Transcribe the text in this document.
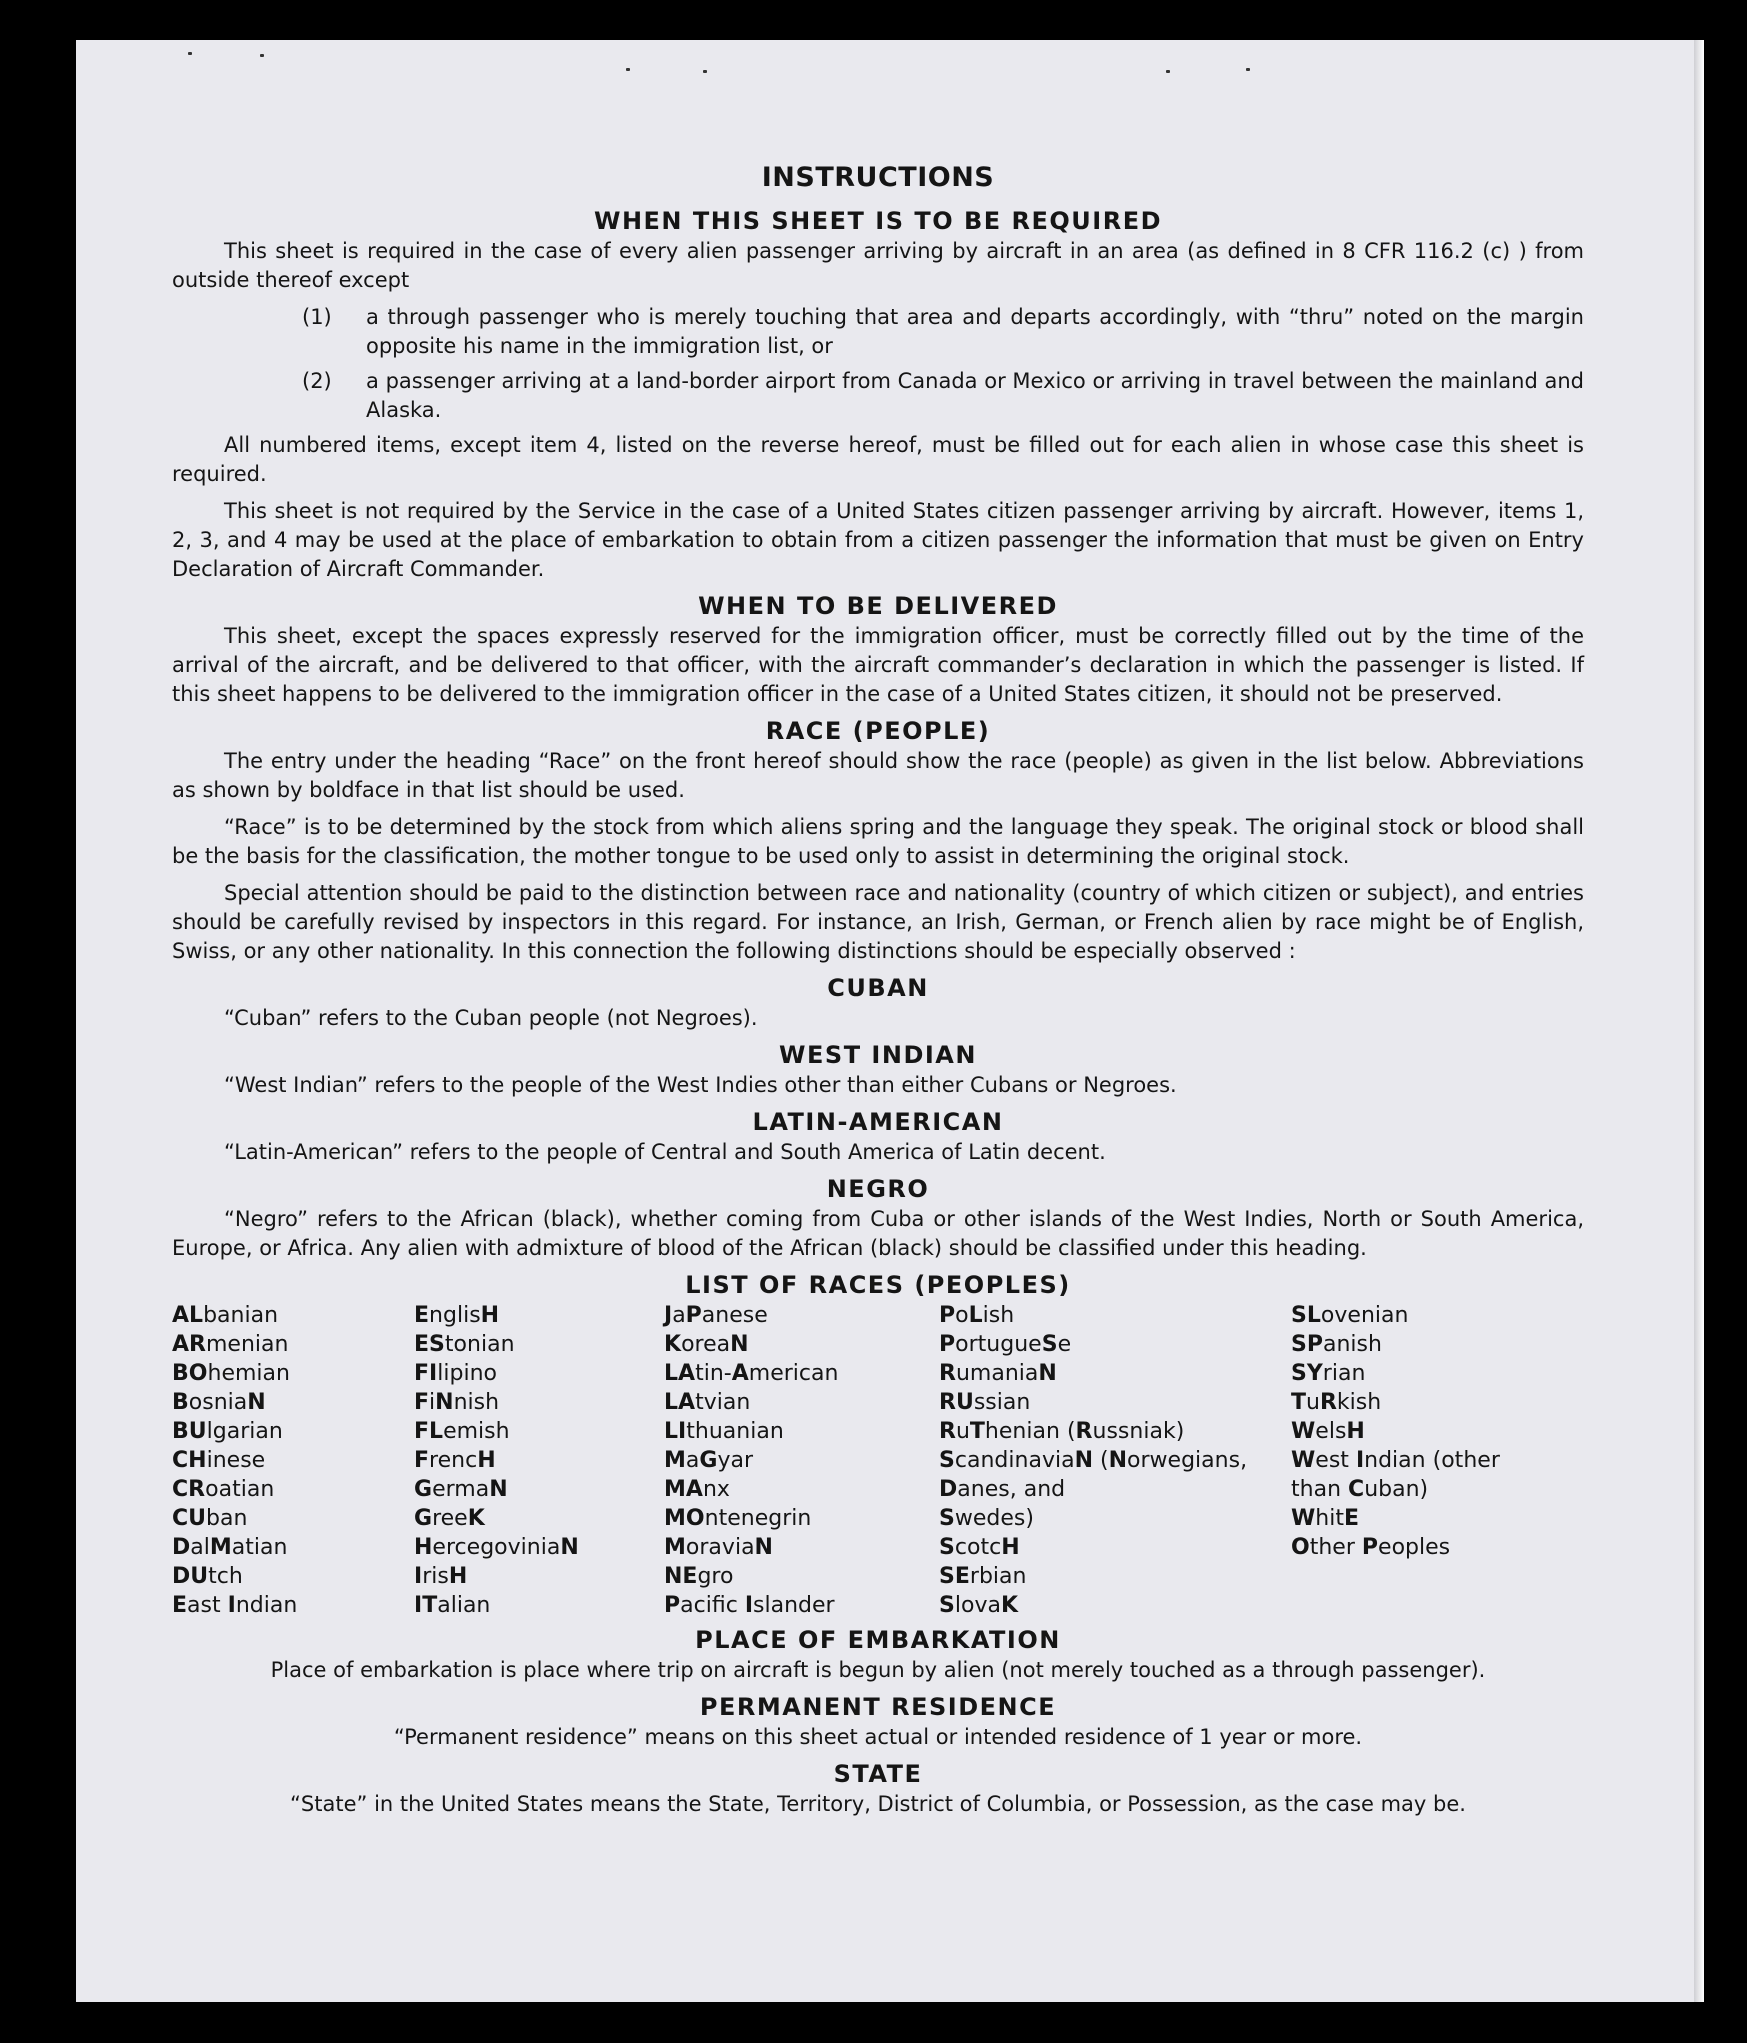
INSTRUCTIONS
WHEN THIS SHEET IS TO BE REQUIRED

This sheet is required in the case of every alien passenger arriving by aircraft in an area (as defined in 8 CFR 116.2 (c) ) from outside thereof except

(1)	a through passenger who is merely touching that area and departs accordingly, with “thru” noted on the margin opposite his name in the immigration list, or
(2)	a passenger arriving at a land-border airport from Canada or Mexico or arriving in travel between the mainland and Alaska.

All numbered items, except item 4, listed on the reverse hereof, must be filled out for each alien in whose case this sheet is required.

This sheet is not required by the Service in the case of a United States citizen passenger arriving by aircraft. However, items 1, 2, 3, and 4 may be used at the place of embarkation to obtain from a citizen passenger the information that must be given on Entry Declaration of Aircraft Commander.

WHEN TO BE DELIVERED

This sheet, except the spaces expressly reserved for the immigration officer, must be correctly filled out by the time of the arrival of the aircraft, and be delivered to that officer, with the aircraft commander’s declaration in which the passenger is listed. If this sheet happens to be delivered to the immigration officer in the case of a United States citizen, it should not be preserved.

RACE (PEOPLE)

The entry under the heading “Race” on the front hereof should show the race (people) as given in the list below. Abbreviations as shown by boldface in that list should be used.

“Race” is to be determined by the stock from which aliens spring and the language they speak. The original stock or blood shall be the basis for the classification, the mother tongue to be used only to assist in determining the original stock.

Special attention should be paid to the distinction between race and nationality (country of which citizen or subject), and entries should be carefully revised by inspectors in this regard. For instance, an Irish, German, or French alien by race might be of English, Swiss, or any other nationality. In this connection the following distinctions should be especially observed :

CUBAN

“Cuban” refers to the Cuban people (not Negroes).

WEST INDIAN

“West Indian” refers to the people of the West Indies other than either Cubans or Negroes.

LATIN-AMERICAN

“Latin-American” refers to the people of Central and South America of Latin decent.

NEGRO

“Negro” refers to the African (black), whether coming from Cuba or other islands of the West Indies, North or South America, Europe, or Africa. Any alien with admixture of blood of the African (black) should be classified under this heading.

LIST OF RACES (PEOPLES)
ALbanian
ARmenian
BOhemian
BosniaN
BUlgarian
CHinese
CRoatian
CUban
DalMatian
DUtch
East Indian
EnglisH
EStonian
FIlipino
FiNnish
FLemish
FrencH
GermaN
GreeK
HercegoviniaN
IrisH
ITalian
JaPanese
KoreaN
LAtin-American
LAtvian
LIthuanian
MaGyar
MAnx
MOntenegrin
MoraviaN
NEgro
Pacifc Islander
PoLish
PortugueSe
RumaniaN
RUssian
RuThenian (Russniak)
ScandinaviaN (Norwegians,
Danes, and
Swedes)
ScotcH
SErbian
SlovaK
SLovenian
SPanish
SYrian
TuRkish
WelsH
West Indian (other
than Cuban)
WhitE
Other Peoples
PLACE OF EMBARKATION

Place of embarkation is place where trip on aircraft is begun by alien (not merely touched as a through passenger).

PERMANENT RESIDENCE

“Permanent residence” means on this sheet actual or intended residence of 1 year or more.

STATE

“State” in the United States means the State, Territory, District of Columbia, or Possession, as the case may be.
